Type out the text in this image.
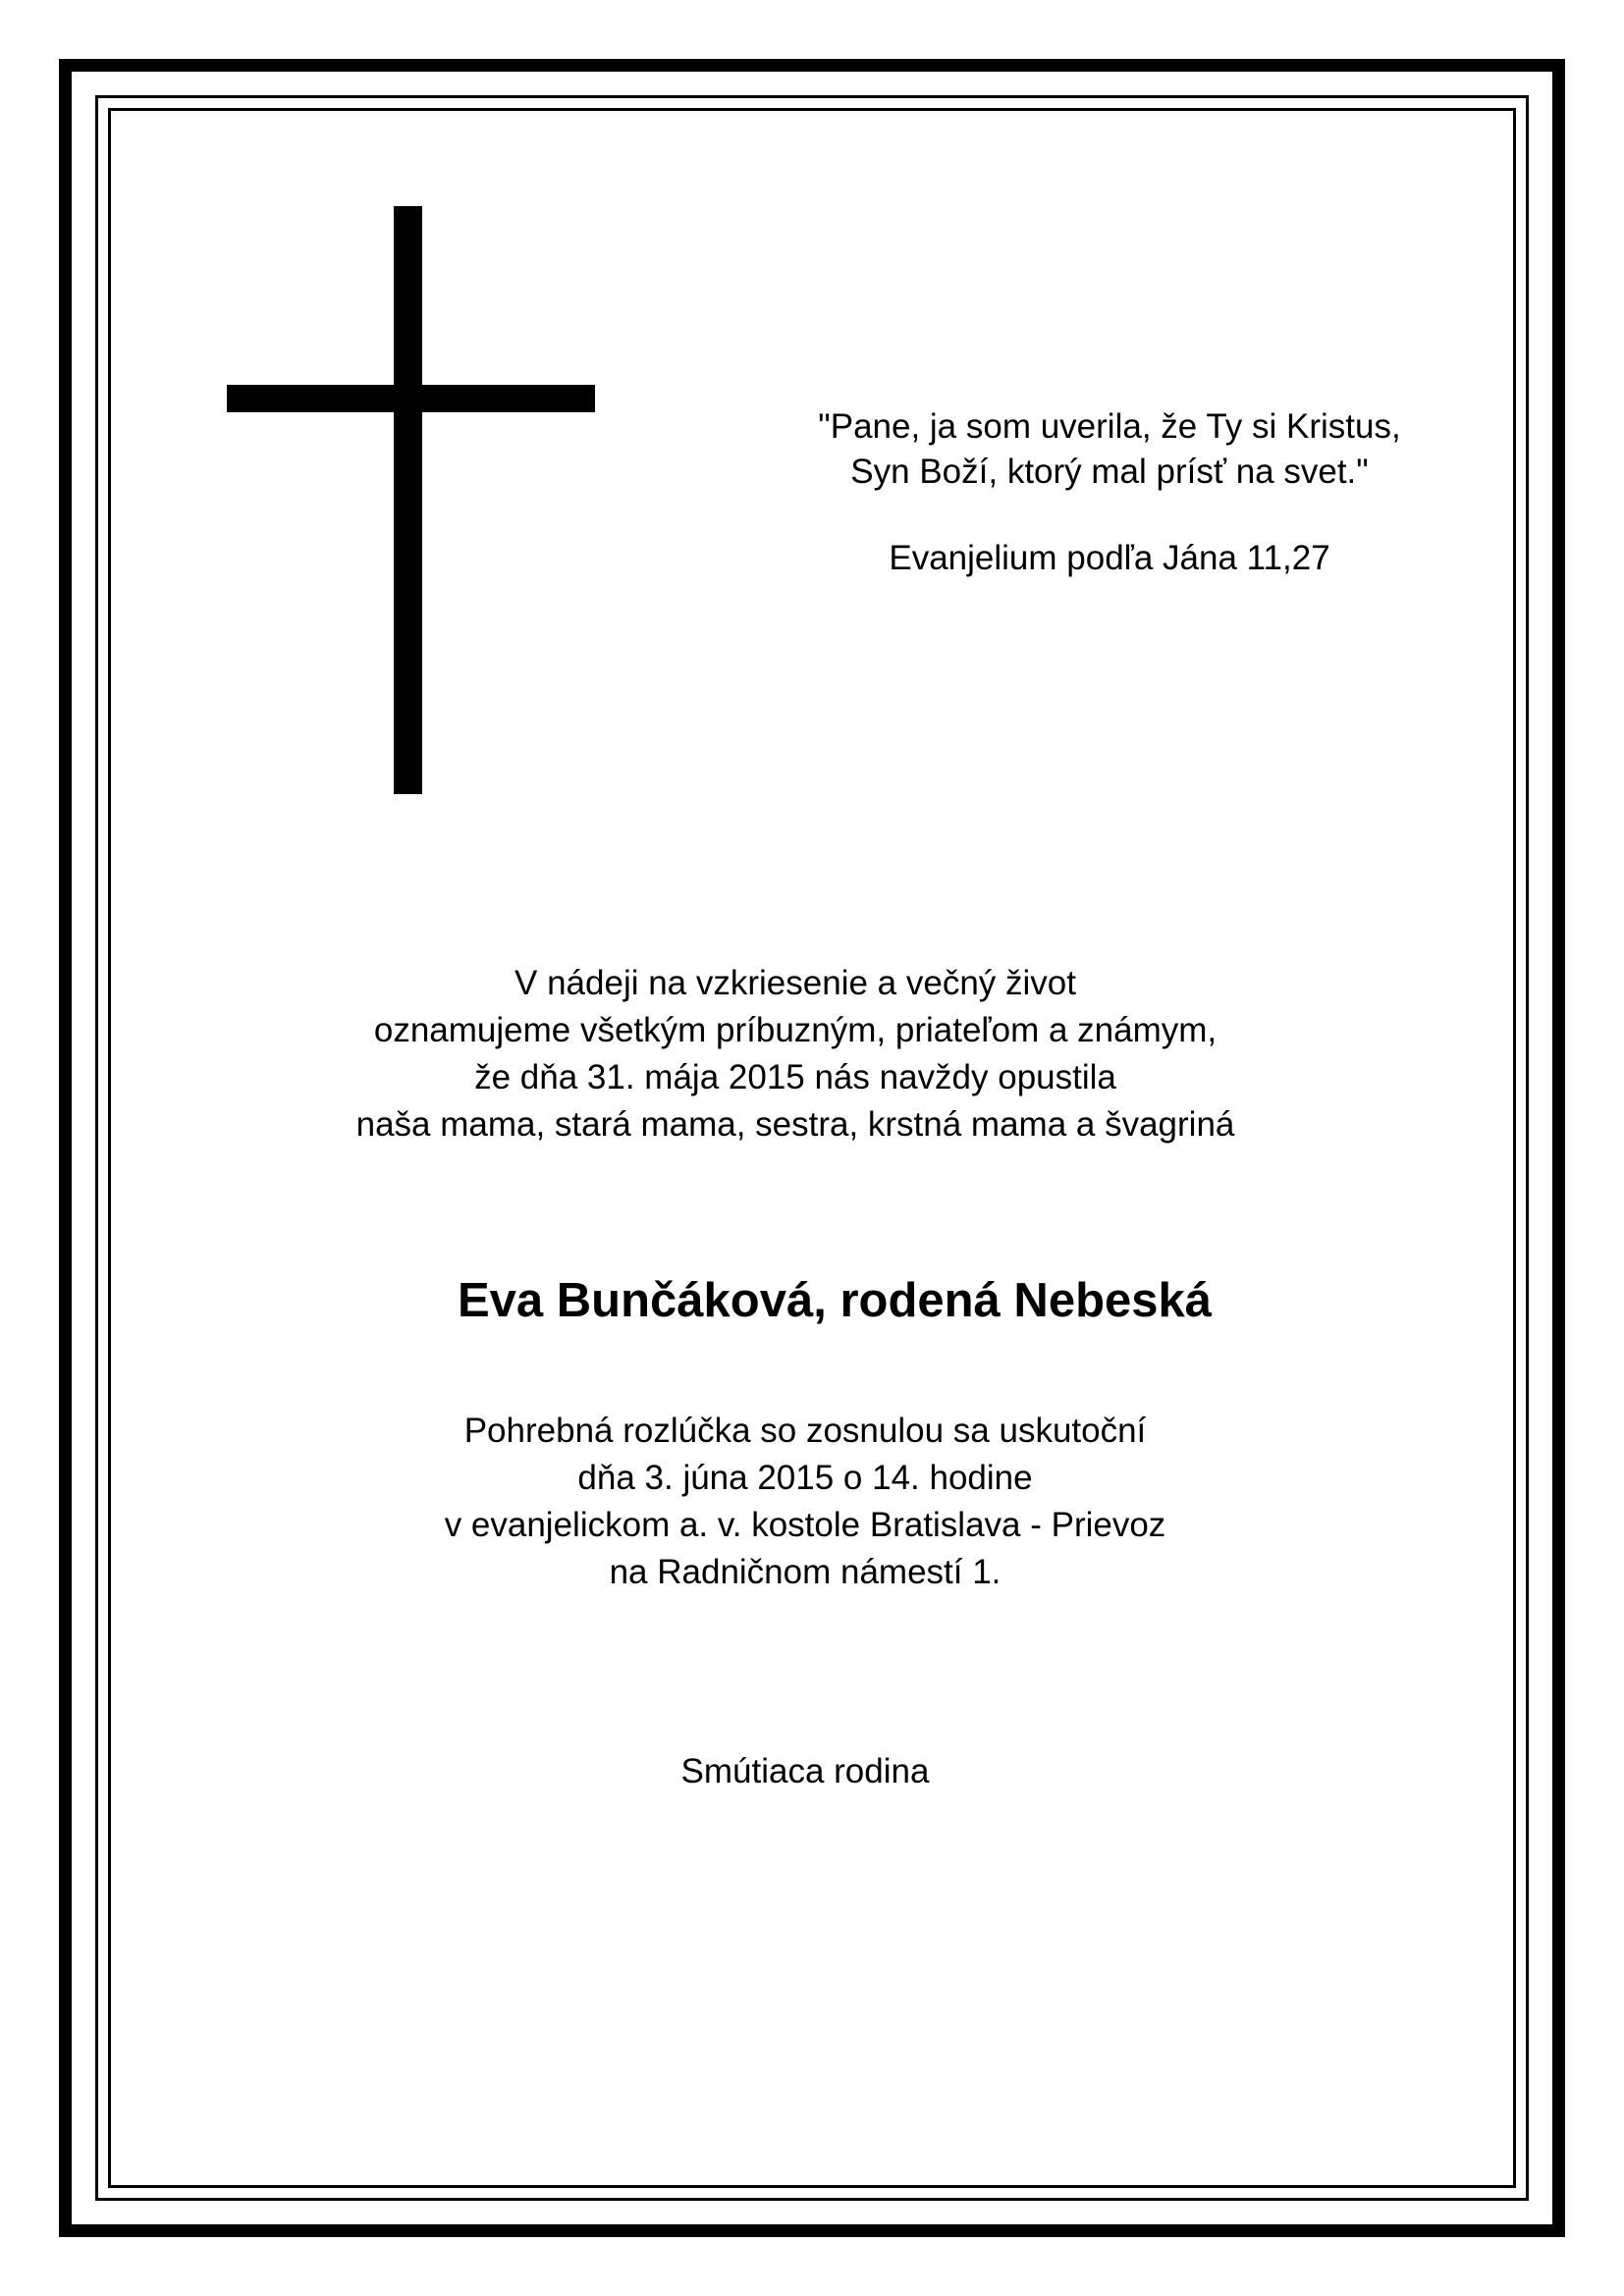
"Pane, ja som uverila, že Ty si Kristus,
Syn Boží, ktorý mal prísť na svet."
Evanjelium podľa Jána 11,27
V nádeji na vzkriesenie a večný život
oznamujeme všetkým príbuzným, priateľom a známym,
že dňa 31. mája 2015 nás navždy opustila
naša mama, stará mama, sestra, krstná mama a švagriná
Eva Bunčáková, rodená Nebeská
Pohrebná rozlúčka so zosnulou sa uskutoční
dňa 3. júna 2015 o 14. hodine
v evanjelickom a. v. kostole Bratislava - Prievoz
na Radničnom námestí 1.
Smútiaca rodina
